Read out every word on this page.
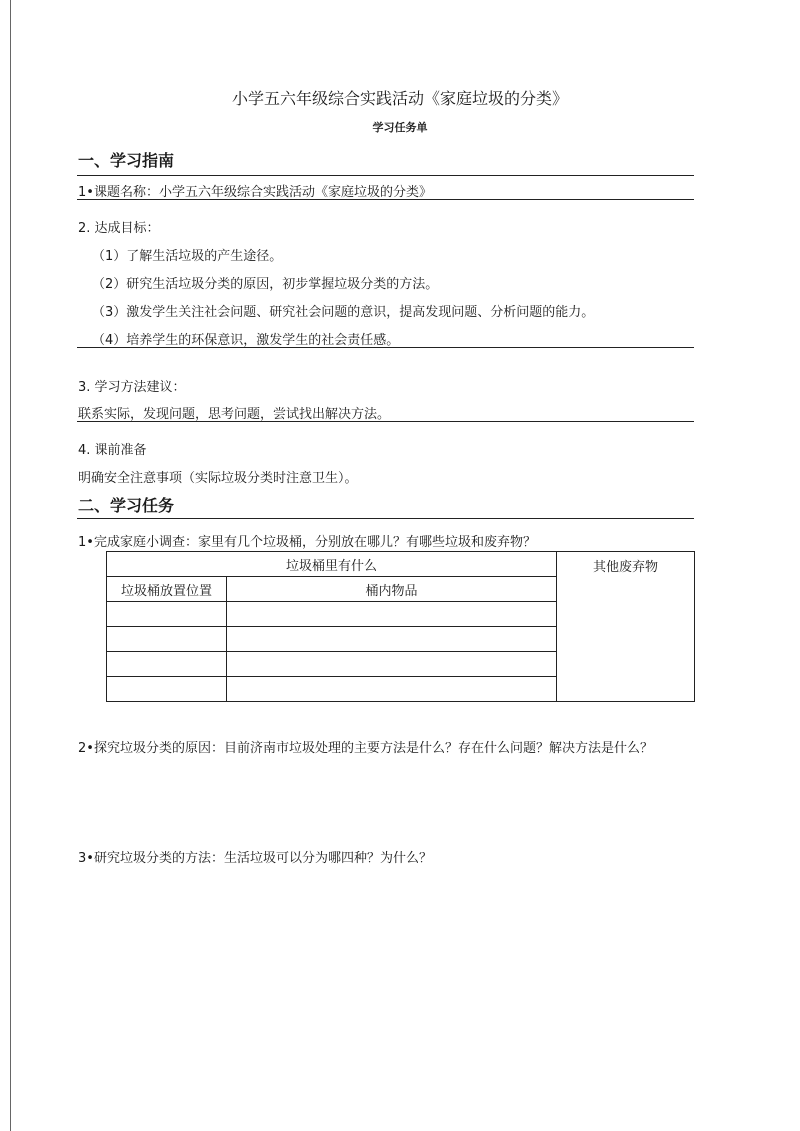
小学五六年级综合实践活动《家庭垃圾的分类》
学习任务单
一、学习指南
1•课题名称：小学五六年级综合实践活动《家庭垃圾的分类》
2. 达成目标：
（1）了解生活垃圾的产生途径。
（2）研究生活垃圾分类的原因，初步掌握垃圾分类的方法。
（3）激发学生关注社会问题、研究社会问题的意识，提高发现问题、分析问题的能力。
（4）培养学生的环保意识，激发学生的社会责任感。
3. 学习方法建议：
联系实际，发现问题，思考问题，尝试找出解决方法。
4. 课前准备
明确安全注意事项（实际垃圾分类时注意卫生）。
二、学习任务
1•完成家庭小调查：家里有几个垃圾桶，分别放在哪儿？有哪些垃圾和废弃物？
垃圾桶里有什么		其他废弃物
垃圾桶放置位置	桶内物品	

2•探究垃圾分类的原因：目前济南市垃圾处理的主要方法是什么？存在什么问题？解决方法是什么？
3•研究垃圾分类的方法：生活垃圾可以分为哪四种？为什么？
